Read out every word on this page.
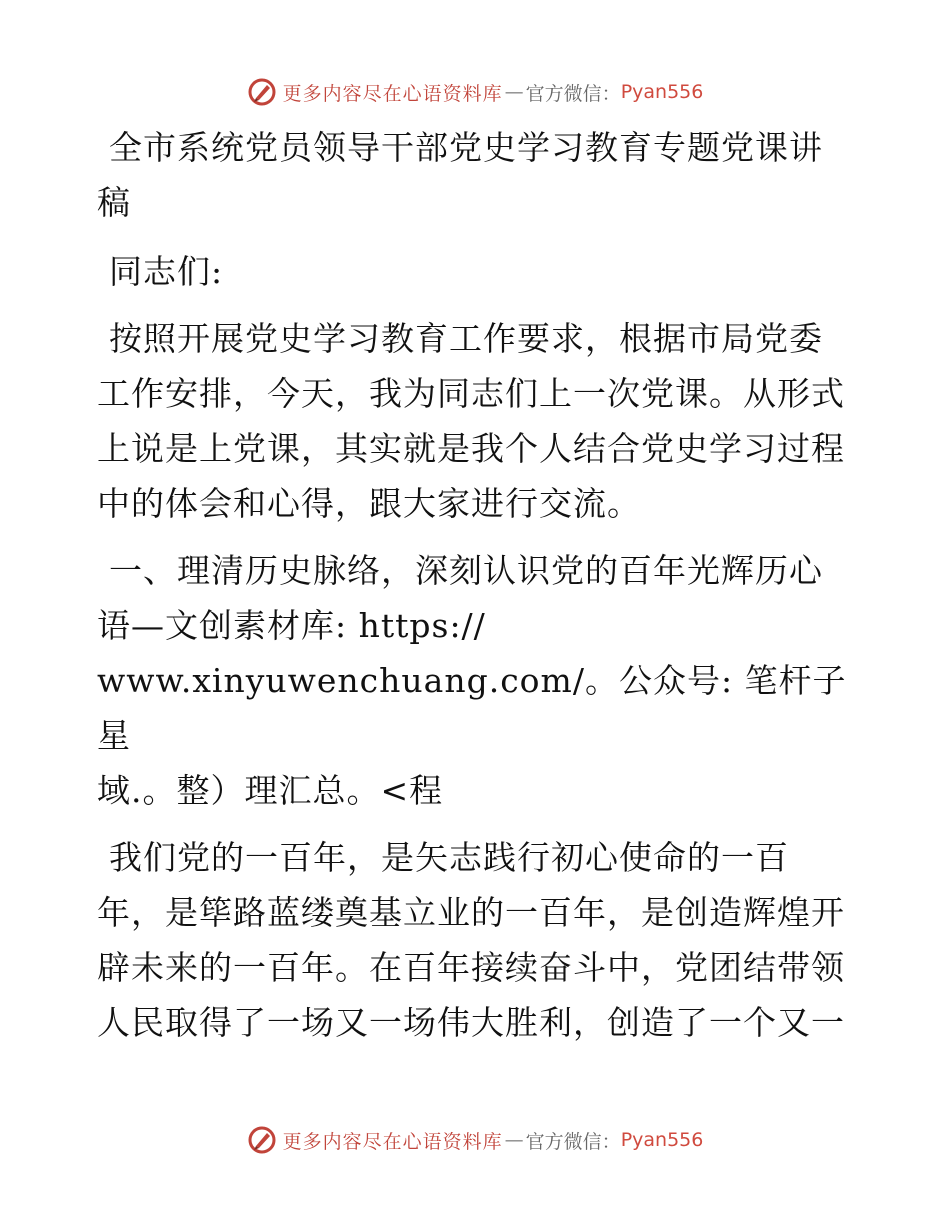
更多内容尽在心语资料库 — 官方微信： Pyan556

全市系统党员领导干部党史学习教育专题党课讲稿

同志们:

按照开展党史学习教育工作要求，根据市局党委工作安排，今天，我为同志们上一次党课。从形式上说是上党课，其实就是我个人结合党史学习过程中的体会和心得，跟大家进行交流。

一、理清历史脉络，深刻认识党的百年光辉历心
语—文创素材库: https://
www.xinyuwenchuang.com/。公众号: 笔杆子星
域.。整）理汇总。<程

我们党的一百年，是矢志践行初心使命的一百
年，是筚路蓝缕奠基立业的一百年，是创造辉煌开辟未来的一百年。在百年接续奋斗中，党团结带领人民取得了一场又一场伟大胜利，创造了一个又一

更多内容尽在心语资料库 — 官方微信： Pyan556
